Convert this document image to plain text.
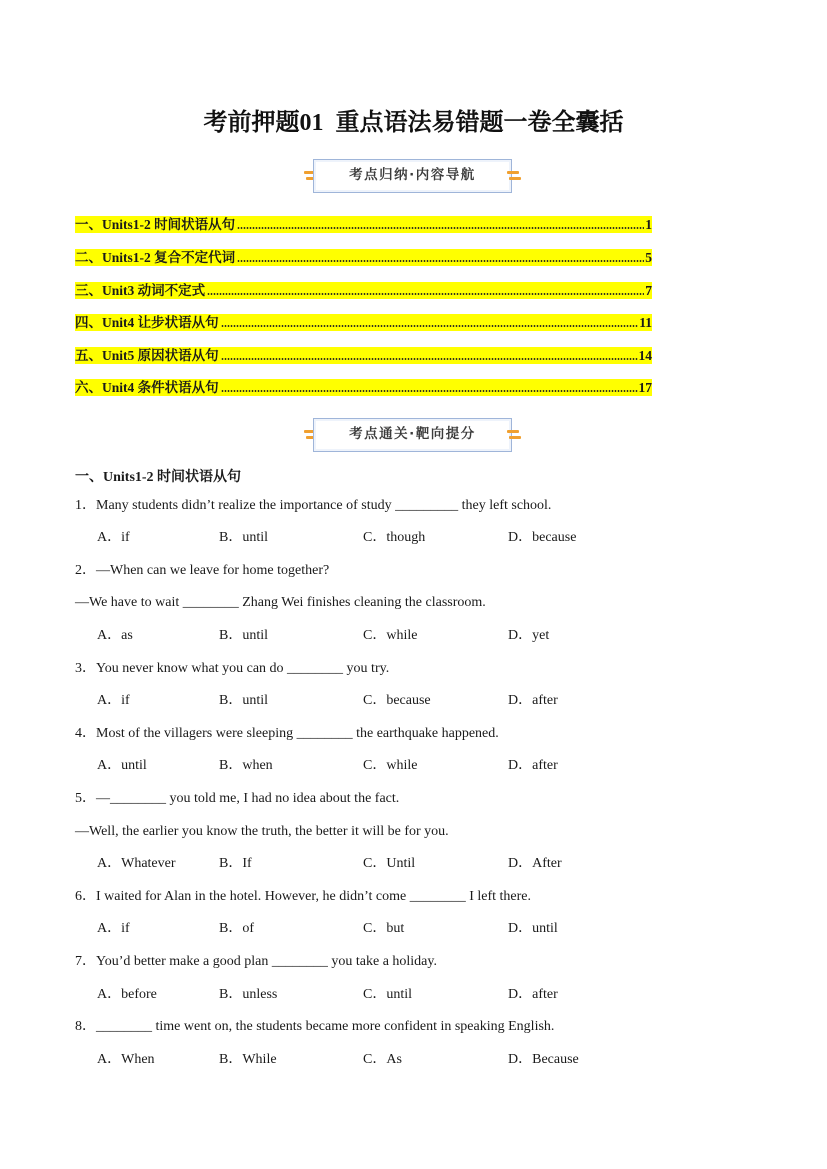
考前押题01  重点语法易错题一卷全囊括
考点归纳·内容导航
一、Units1-2 时间状语从句	1
二、Units1-2 复合不定代词	5
三、Unit3 动词不定式	7
四、Unit4 让步状语从句	11
五、Unit5 原因状语从句	14
六、Unit4 条件状语从句	17
考点通关·靶向提分
一、Units1-2 时间状语从句
1．Many students didn’t realize the importance of study _________ they left school.
A．if	B．until	C．though	D．because
2．—When can we leave for home together?
—We have to wait ________ Zhang Wei finishes cleaning the classroom.
A．as	B．until	C．while	D．yet
3．You never know what you can do ________ you try.
A．if	B．until	C．because	D．after
4．Most of the villagers were sleeping ________ the earthquake happened.
A．until	B．when	C．while	D．after
5．—________ you told me, I had no idea about the fact.
—Well, the earlier you know the truth, the better it will be for you.
A．Whatever	B．If	C．Until	D．After
6．I waited for Alan in the hotel. However, he didn’t come ________ I left there.
A．if	B．of	C．but	D．until
7．You’d better make a good plan ________ you take a holiday.
A．before	B．unless	C．until	D．after
8．________ time went on, the students became more confident in speaking English.
A．When	B．While	C．As	D．Because
